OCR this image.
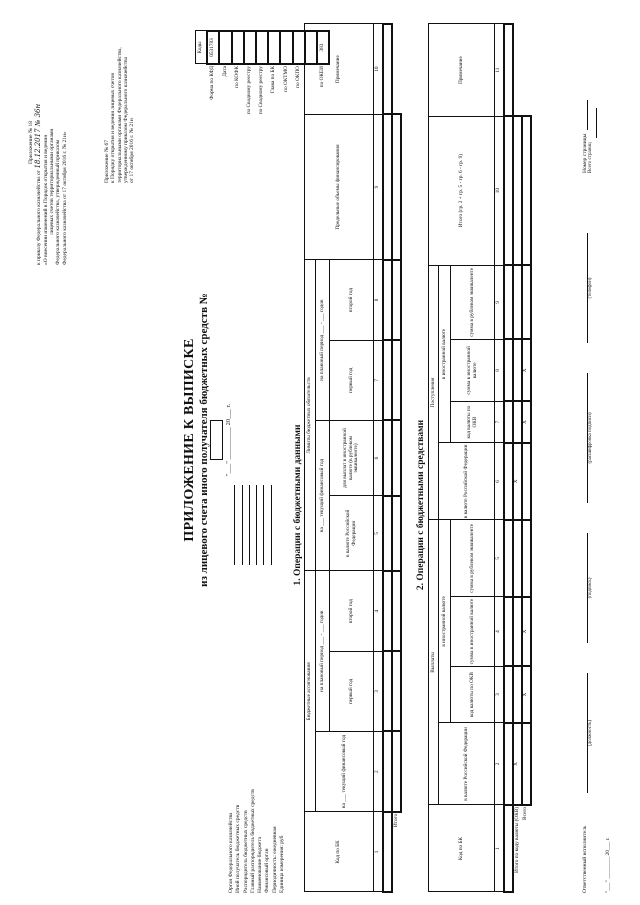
Приложение № 18
к приказу Федерального казначейства от 18.12.2017 № 36н «О внесении изменений в Порядок открытия и ведения лицевых счетов территориальными органами Федерального казначейства, утвержденный приказом Федерального казначейства от 17 октября 2016 г. № 21н»	Приложение № 67 к Порядку открытия и ведения лицевых счетов территориальными органами Федерального казначейства, утвержденному приказом Федерального казначейства от 17 октября 2016 г. № 21н
ПРИЛОЖЕНИЕ К ВЫПИСКЕ из лицевого счета иного получателя бюджетных средств №	"___" __________ 20___ г.
	Коды
Форма по КФД	0531783
Дата	
по КОФК	
по Сводному реестру	
по Сводному реестру	
Глава по БК	
по ОКТМО	
по ОКПО	

по ОКЕИ	383
Орган Федерального казначейства Иной получатель бюджетных средств Распорядитель бюджетных средств Главный распорядитель бюджетных средств Наименование бюджета Финансовый орган Периодичность: ежедневная Единица измерения: руб
1. Операции с бюджетными данными
Код по БК	Бюджетные ассигнования			Лимиты бюджетных обязательств				Предельные объемы финансирования	Примечание
	на ___ текущий финансовый год	на плановый период ___ - ___ годов		на ___ текущий финансовый год		на плановый период ___ - ___ годов			
		первый год	второй год	в валюте Российской Федерации	для выплат в иностранной валюте (в рублевом эквиваленте)	первый год	второй год		

1	2	3	4	5	6	7	8	9	10

Итого									
2. Операции с бюджетными средствами
Код по БК	Выплаты				Поступления				Итого (гр. 2 + гр. 5 - гр. 6 - гр. 9)	Примечание
	в валюте Российской Федерации	в иностранной валюте			в валюте Российской Федерации	в иностранной валюте				
		код валюты по ОКВ	сумма в иностранной валюте	сумма в рублевом эквиваленте		код валюты по ОКВ	сумма в иностранной валюте	сумма в рублевом эквиваленте		

1	2	3	4	5	6	7	8	9	10	11

Итого по коду валюты (ОКВ)	X				X					
Всего		X	X			X	X			
Ответственный исполнитель
Номер страницы
(должность)
(подпись)
(расшифровка подписи)
(телефон)
Всего страниц
"___" ________ 20___ г.
